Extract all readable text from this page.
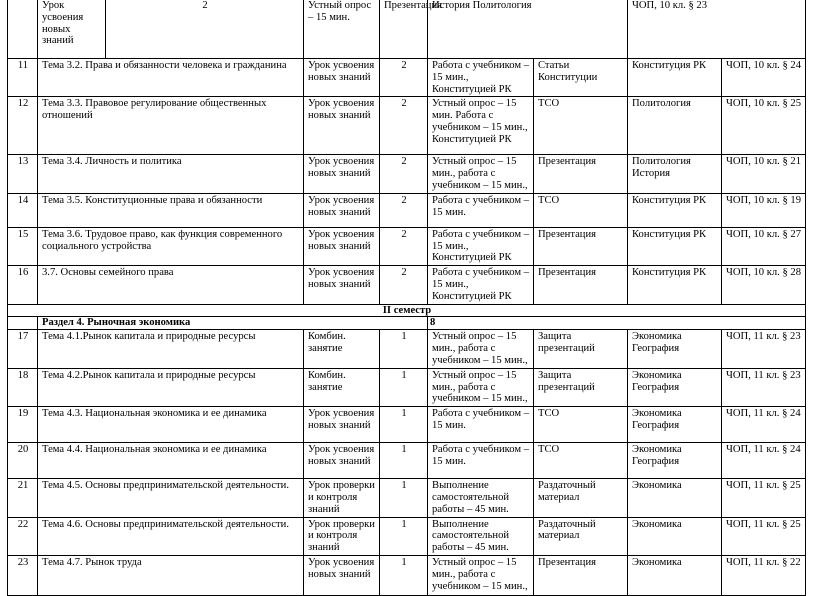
	Урок усвоения новых знаний	2	Устный опрос – 15 мин.	Презентация	История Политология		ЧОП, 10 кл. § 23	
11	Тема 3.2. Права и обязанности человека и гражданина		Урок усвоения новых знаний	2	Работа с учебником – 15 мин., Конституцией РК	Статьи Конституции	Конституция РК	ЧОП, 10 кл. § 24
12	Тема 3.3. Правовое регулирование общественных отношений		Урок усвоения новых знаний	2	Устный опрос – 15 мин. Работа с учебником – 15 мин., Конституцией РК	ТСО	Политология	ЧОП, 10 кл. § 25
13	Тема 3.4. Личность и политика		Урок усвоения новых знаний	2	Устный опрос – 15 мин., работа с учебником – 15 мин.,	Презентация	Политология История	ЧОП, 10 кл. § 21
14	Тема 3.5. Конституционные права и обязанности		Урок усвоения новых знаний	2	Работа с учебником – 15 мин.	ТСО	Конституция РК	ЧОП, 10 кл. § 19
15	Тема 3.6. Трудовое право, как функция современного социального устройства		Урок усвоения новых знаний	2	Работа с учебником – 15 мин., Конституцией РК	Презентация	Конституция РК	ЧОП, 10 кл. § 27
16	3.7. Основы семейного права		Урок усвоения новых знаний	2	Работа с учебником – 15 мин., Конституцией РК	Презентация	Конституция РК	ЧОП, 10 кл. § 28
II семестр								
	Раздел 4. Рыночная экономика				8			
17	Тема 4.1.Рынок капитала и природные ресурсы		Комбин. занятие	1	Устный опрос – 15 мин., работа с учебником – 15 мин.,	Защита презентаций	Экономика География	ЧОП, 11 кл. § 23
18	Тема 4.2.Рынок капитала и природные ресурсы		Комбин. занятие	1	Устный опрос – 15 мин., работа с учебником – 15 мин.,	Защита презентаций	Экономика География	ЧОП, 11 кл. § 23
19	Тема 4.3. Национальная экономика и ее динамика		Урок усвоения новых знаний	1	Работа с учебником – 15 мин.	ТСО	Экономика География	ЧОП, 11 кл. § 24
20	Тема 4.4. Национальная экономика и ее динамика		Урок усвоения новых знаний	1	Работа с учебником – 15 мин.	ТСО	Экономика География	ЧОП, 11 кл. § 24
21	Тема 4.5. Основы предпринимательской деятельности.		Урок проверки и контроля знаний	1	Выполнение самостоятельной работы – 45 мин.	Раздаточный материал	Экономика	ЧОП, 11 кл. § 25
22	Тема 4.6. Основы предпринимательской деятельности.		Урок проверки и контроля знаний	1	Выполнение самостоятельной работы – 45 мин.	Раздаточный материал	Экономика	ЧОП, 11 кл. § 25
23	Тема 4.7. Рынок труда		Урок усвоения новых знаний	1	Устный опрос – 15 мин., работа с учебником – 15 мин.,	Презентация	Экономика	ЧОП, 11 кл. § 22
